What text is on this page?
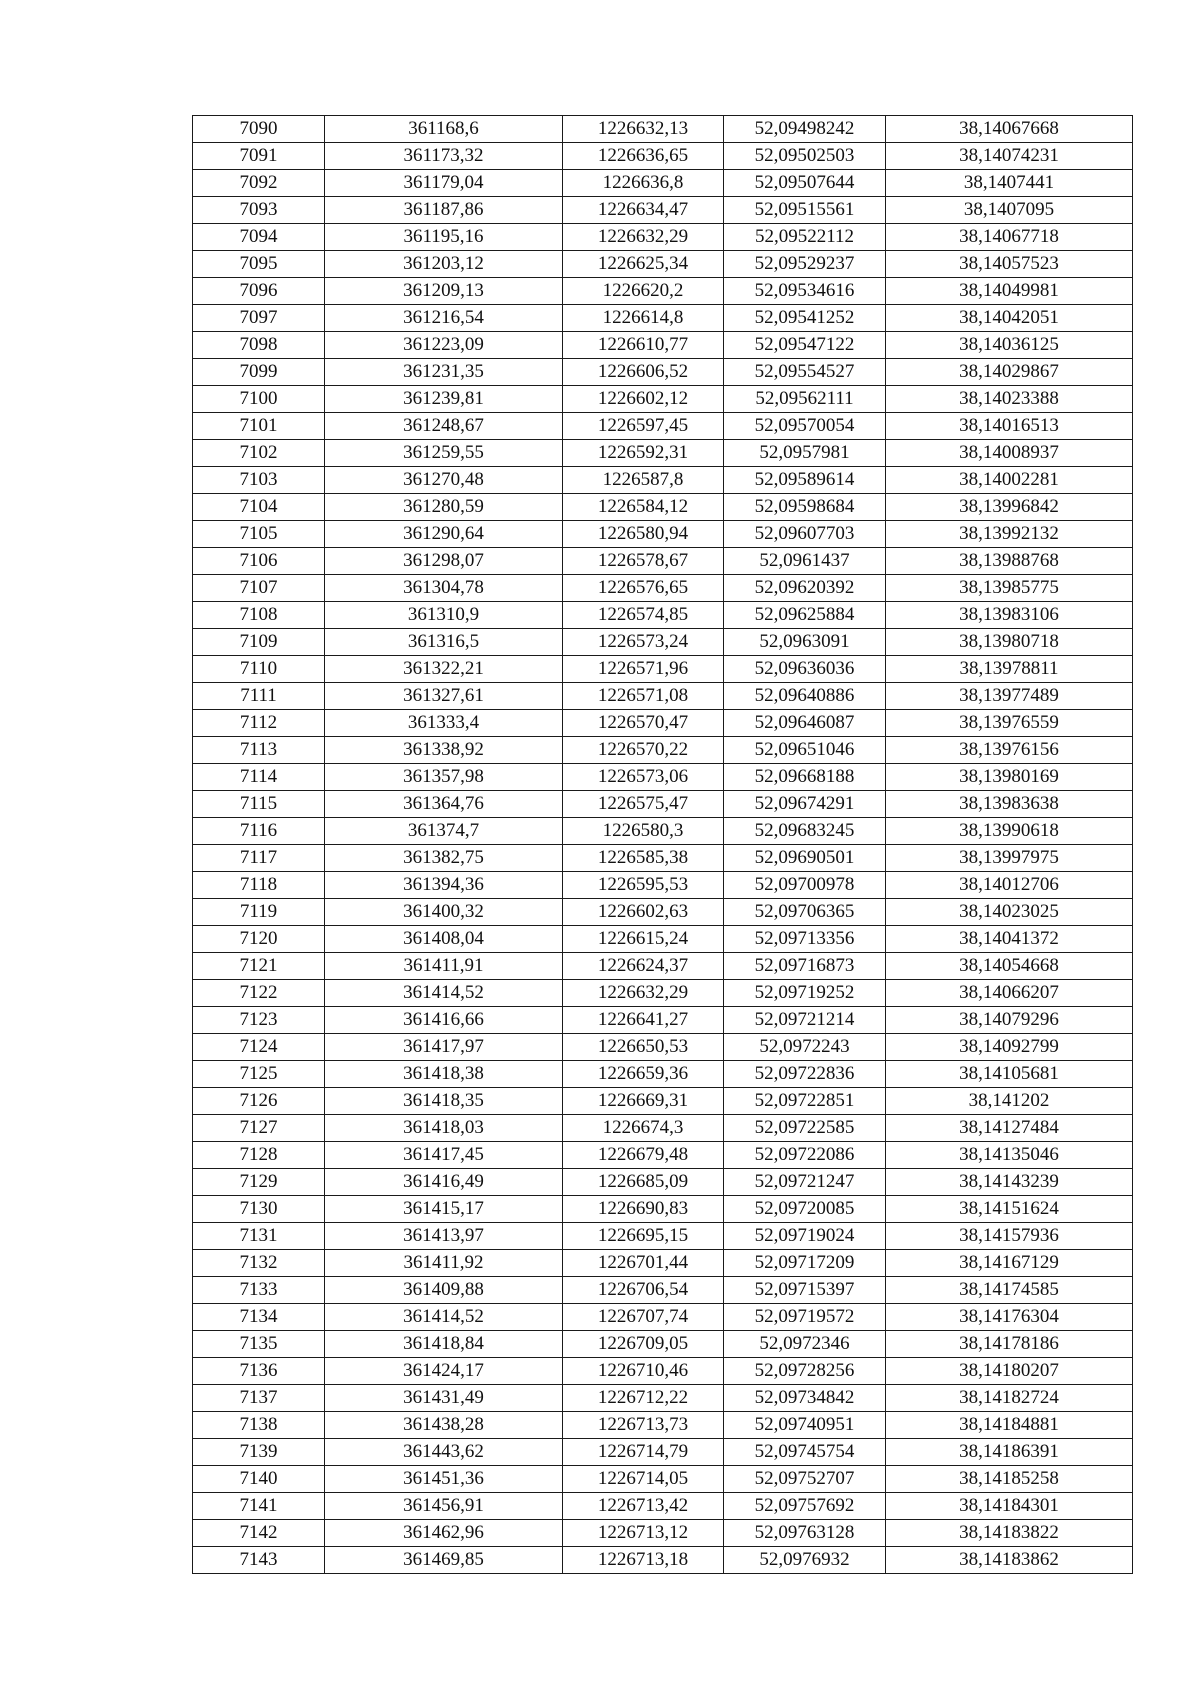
7090	361168,6	1226632,13	52,09498242	38,14067668
7091	361173,32	1226636,65	52,09502503	38,14074231
7092	361179,04	1226636,8	52,09507644	38,1407441
7093	361187,86	1226634,47	52,09515561	38,1407095
7094	361195,16	1226632,29	52,09522112	38,14067718
7095	361203,12	1226625,34	52,09529237	38,14057523
7096	361209,13	1226620,2	52,09534616	38,14049981
7097	361216,54	1226614,8	52,09541252	38,14042051
7098	361223,09	1226610,77	52,09547122	38,14036125
7099	361231,35	1226606,52	52,09554527	38,14029867
7100	361239,81	1226602,12	52,09562111	38,14023388
7101	361248,67	1226597,45	52,09570054	38,14016513
7102	361259,55	1226592,31	52,0957981	38,14008937
7103	361270,48	1226587,8	52,09589614	38,14002281
7104	361280,59	1226584,12	52,09598684	38,13996842
7105	361290,64	1226580,94	52,09607703	38,13992132
7106	361298,07	1226578,67	52,0961437	38,13988768
7107	361304,78	1226576,65	52,09620392	38,13985775
7108	361310,9	1226574,85	52,09625884	38,13983106
7109	361316,5	1226573,24	52,0963091	38,13980718
7110	361322,21	1226571,96	52,09636036	38,13978811
7111	361327,61	1226571,08	52,09640886	38,13977489
7112	361333,4	1226570,47	52,09646087	38,13976559
7113	361338,92	1226570,22	52,09651046	38,13976156
7114	361357,98	1226573,06	52,09668188	38,13980169
7115	361364,76	1226575,47	52,09674291	38,13983638
7116	361374,7	1226580,3	52,09683245	38,13990618
7117	361382,75	1226585,38	52,09690501	38,13997975
7118	361394,36	1226595,53	52,09700978	38,14012706
7119	361400,32	1226602,63	52,09706365	38,14023025
7120	361408,04	1226615,24	52,09713356	38,14041372
7121	361411,91	1226624,37	52,09716873	38,14054668
7122	361414,52	1226632,29	52,09719252	38,14066207
7123	361416,66	1226641,27	52,09721214	38,14079296
7124	361417,97	1226650,53	52,0972243	38,14092799
7125	361418,38	1226659,36	52,09722836	38,14105681
7126	361418,35	1226669,31	52,09722851	38,141202
7127	361418,03	1226674,3	52,09722585	38,14127484
7128	361417,45	1226679,48	52,09722086	38,14135046
7129	361416,49	1226685,09	52,09721247	38,14143239
7130	361415,17	1226690,83	52,09720085	38,14151624
7131	361413,97	1226695,15	52,09719024	38,14157936
7132	361411,92	1226701,44	52,09717209	38,14167129
7133	361409,88	1226706,54	52,09715397	38,14174585
7134	361414,52	1226707,74	52,09719572	38,14176304
7135	361418,84	1226709,05	52,0972346	38,14178186
7136	361424,17	1226710,46	52,09728256	38,14180207
7137	361431,49	1226712,22	52,09734842	38,14182724
7138	361438,28	1226713,73	52,09740951	38,14184881
7139	361443,62	1226714,79	52,09745754	38,14186391
7140	361451,36	1226714,05	52,09752707	38,14185258
7141	361456,91	1226713,42	52,09757692	38,14184301
7142	361462,96	1226713,12	52,09763128	38,14183822
7143	361469,85	1226713,18	52,0976932	38,14183862
